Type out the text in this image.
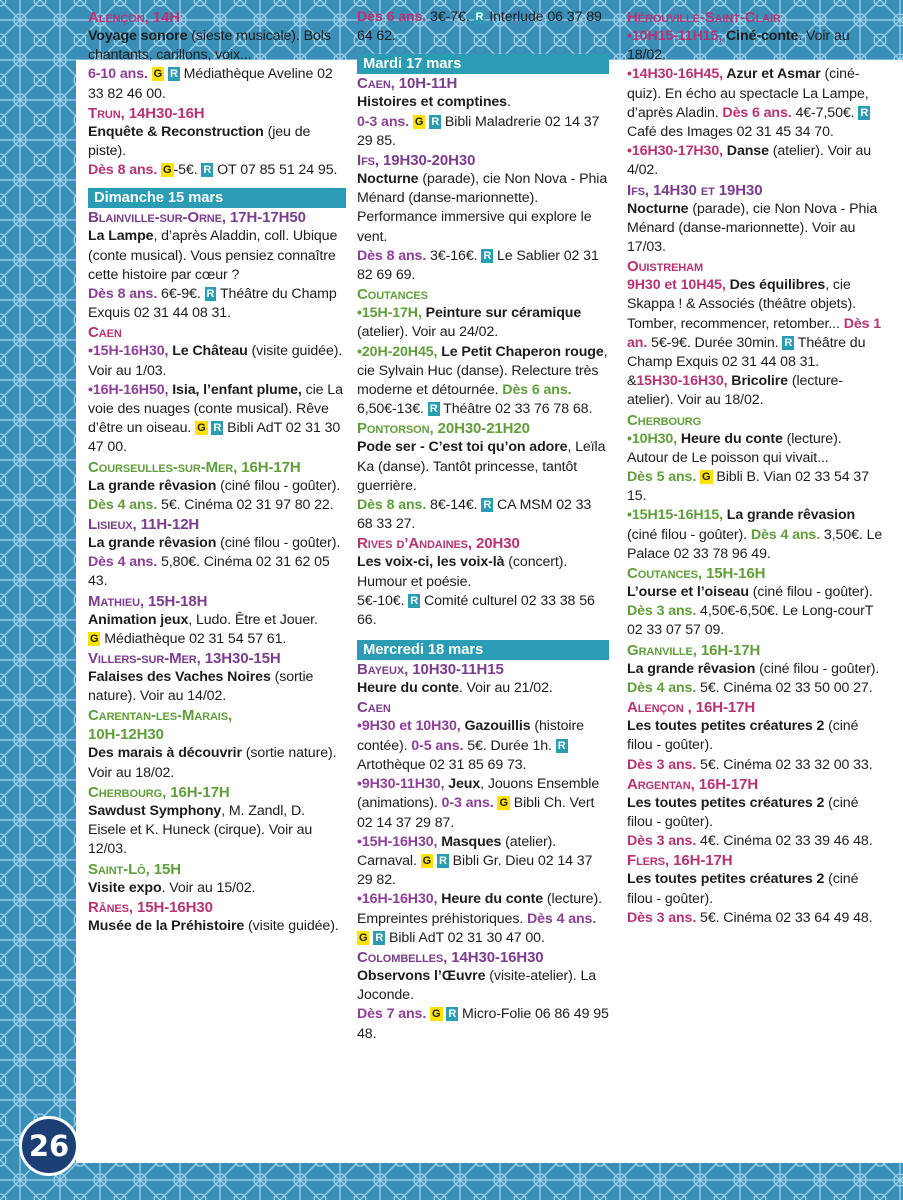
Alençon, 14H
Voyage sonore (sieste musicale). Bols chantants, carillons, voix...
6-10 ans. G R Médiathèque Aveline 02 33 82 46 00.
Trun, 14H30-16H
Enquête & Reconstruction (jeu de piste).
Dès 8 ans. G -5€. R OT 07 85 51 24 95.
Dimanche 15 mars
Blainville-sur-Orne, 17H-17H50
La Lampe, d’après Aladdin, coll. Ubique (conte musical). Vous pensiez connaître cette histoire par cœur ?
Dès 8 ans. 6€-9€. R Théâtre du Champ Exquis 02 31 44 08 31.
Caen
•15H-16H30, Le Château (visite guidée). Voir au 1/03.
•16H-16H50, Isia, l’enfant plume, cie La voie des nuages (conte musical). Rêve d’être un oiseau. G R Bibli AdT 02 31 30 47 00.
Courseulles-sur-Mer, 16H-17H
La grande rêvasion (ciné filou - goûter).
Dès 4 ans. 5€. Cinéma 02 31 97 80 22.
Lisieux, 11H-12H
La grande rêvasion (ciné filou - goûter).
Dès 4 ans. 5,80€. Cinéma 02 31 62 05 43.
Mathieu, 15H-18H
Animation jeux, Ludo. Être et Jouer.
G Médiathèque 02 31 54 57 61.
Villers-sur-Mer, 13H30-15H
Falaises des Vaches Noires (sortie nature). Voir au 14/02.
Carentan-les-Marais,
10H-12H30
Des marais à découvrir (sortie nature). Voir au 18/02.
Cherbourg, 16H-17H
Sawdust Symphony, M. Zandl, D. Eisele et K. Huneck (cirque). Voir au 12/03.
Saint-Lô, 15H
Visite expo. Voir au 15/02.
Rânes, 15H-16H30
Musée de la Préhistoire (visite guidée).
Dès 6 ans. 3€-7€. R Interlude 06 37 89 64 62.
Mardi 17 mars
Caen, 10H-11H
Histoires et comptines.
0-3 ans. G R Bibli Maladrerie 02 14 37 29 85.
Ifs, 19H30-20H30
Nocturne (parade), cie Non Nova - Phia Ménard (danse-marionnette). Performance immersive qui explore le vent.
Dès 8 ans. 3€-16€. R Le Sablier 02 31 82 69 69.
Coutances
•15H-17H, Peinture sur céramique (atelier). Voir au 24/02.
•20H-20H45, Le Petit Chaperon rouge, cie Sylvain Huc (danse). Relecture très moderne et détournée. Dès 6 ans. 6,50€-13€. R Théâtre 02 33 76 78 68.
Pontorson, 20H30-21H20
Pode ser - C’est toi qu’on adore, Leïla Ka (danse). Tantôt princesse, tantôt guerrière.
Dès 8 ans. 8€-14€. R CA MSM 02 33 68 33 27.
Rives d’Andaines, 20H30
Les voix-ci, les voix-là (concert). Humour et poésie.
5€-10€. R Comité culturel 02 33 38 56 66.
Mercredi 18 mars
Bayeux, 10H30-11H15
Heure du conte. Voir au 21/02.
Caen
•9H30 et 10H30, Gazouillis (histoire contée). 0-5 ans. 5€. Durée 1h. R Artothèque 02 31 85 69 73.
•9H30-11H30, Jeux, Jouons Ensemble (animations). 0-3 ans. G Bibli Ch. Vert 02 14 37 29 87.
•15H-16H30, Masques (atelier). Carnaval. G R Bibli Gr. Dieu 02 14 37 29 82.
•16H-16H30, Heure du conte (lecture). Empreintes préhistoriques. Dès 4 ans. G R Bibli AdT 02 31 30 47 00.
Colombelles, 14H30-16H30
Observons l’Œuvre (visite-atelier). La Joconde.
Dès 7 ans. G R Micro-Folie 06 86 49 95 48.
Hérouville-Saint-Clair
•10H15-11H15, Ciné-conte. Voir au 18/02.
•14H30-16H45, Azur et Asmar (ciné-quiz). En écho au spectacle La Lampe, d’après Aladin. Dès 6 ans. 4€-7,50€. R Café des Images 02 31 45 34 70.
•16H30-17H30, Danse (atelier). Voir au 4/02.
Ifs, 14H30 et 19H30
Nocturne (parade), cie Non Nova - Phia Ménard (danse-marionnette). Voir au 17/03.
Ouistreham
9H30 et 10H45, Des équilibres, cie Skappa ! & Associés (théâtre objets). Tomber, recommencer, retomber... Dès 1 an. 5€-9€. Durée 30min. R Théâtre du Champ Exquis 02 31 44 08 31.
&15H30-16H30, Bricolire (lecture-atelier). Voir au 18/02.
Cherbourg
•10H30, Heure du conte (lecture). Autour de Le poisson qui vivait...
Dès 5 ans. G Bibli B. Vian 02 33 54 37 15.
•15H15-16H15, La grande rêvasion (ciné filou - goûter). Dès 4 ans. 3,50€. Le Palace 02 33 78 96 49.
Coutances, 15H-16H
L’ourse et l’oiseau (ciné filou - goûter).
Dès 3 ans. 4,50€-6,50€. Le Long-courT 02 33 07 57 09.
Granville, 16H-17H
La grande rêvasion (ciné filou - goûter).
Dès 4 ans. 5€. Cinéma 02 33 50 00 27.
Alençon , 16H-17H
Les toutes petites créatures 2 (ciné filou - goûter).
Dès 3 ans. 5€. Cinéma 02 33 32 00 33.
Argentan, 16H-17H
Les toutes petites créatures 2 (ciné filou - goûter).
Dès 3 ans. 4€. Cinéma 02 33 39 46 48.
Flers, 16H-17H
Les toutes petites créatures 2 (ciné filou - goûter).
Dès 3 ans. 5€. Cinéma 02 33 64 49 48.
26
